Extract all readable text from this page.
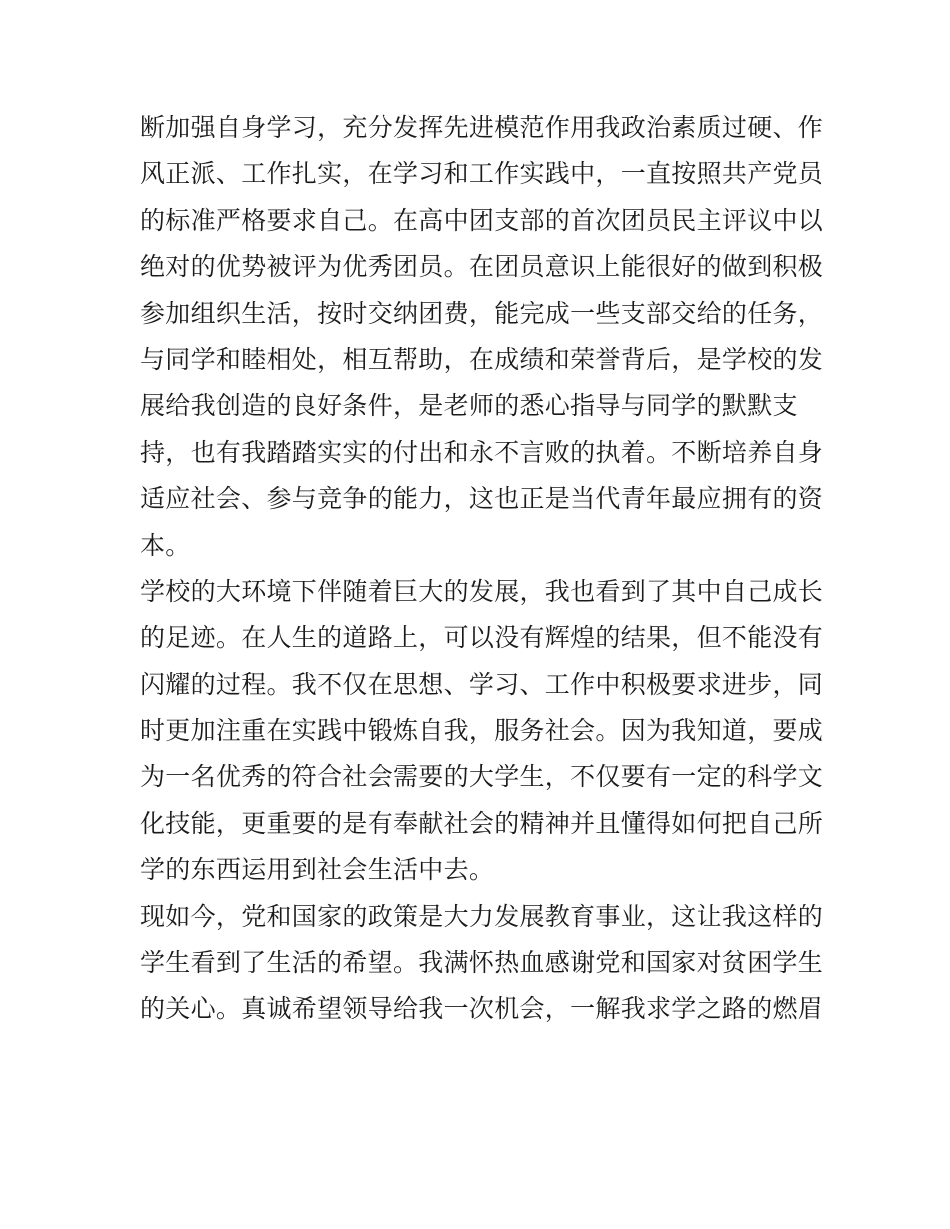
断加强自身学习，充分发挥先进模范作用我政治素质过硬、作
风正派、工作扎实，在学习和工作实践中，一直按照共产党员
的标准严格要求自己。在高中团支部的首次团员民主评议中以
绝对的优势被评为优秀团员。在团员意识上能很好的做到积极
参加组织生活，按时交纳团费，能完成一些支部交给的任务，
与同学和睦相处，相互帮助，在成绩和荣誉背后，是学校的发
展给我创造的良好条件，是老师的悉心指导与同学的默默支
持，也有我踏踏实实的付出和永不言败的执着。不断培养自身
适应社会、参与竞争的能力，这也正是当代青年最应拥有的资
本。
学校的大环境下伴随着巨大的发展，我也看到了其中自己成长
的足迹。在人生的道路上，可以没有辉煌的结果，但不能没有
闪耀的过程。我不仅在思想、学习、工作中积极要求进步，同
时更加注重在实践中锻炼自我，服务社会。因为我知道，要成
为一名优秀的符合社会需要的大学生，不仅要有一定的科学文
化技能，更重要的是有奉献社会的精神并且懂得如何把自己所
学的东西运用到社会生活中去。
现如今，党和国家的政策是大力发展教育事业，这让我这样的
学生看到了生活的希望。我满怀热血感谢党和国家对贫困学生
的关心。真诚希望领导给我一次机会，一解我求学之路的燃眉
